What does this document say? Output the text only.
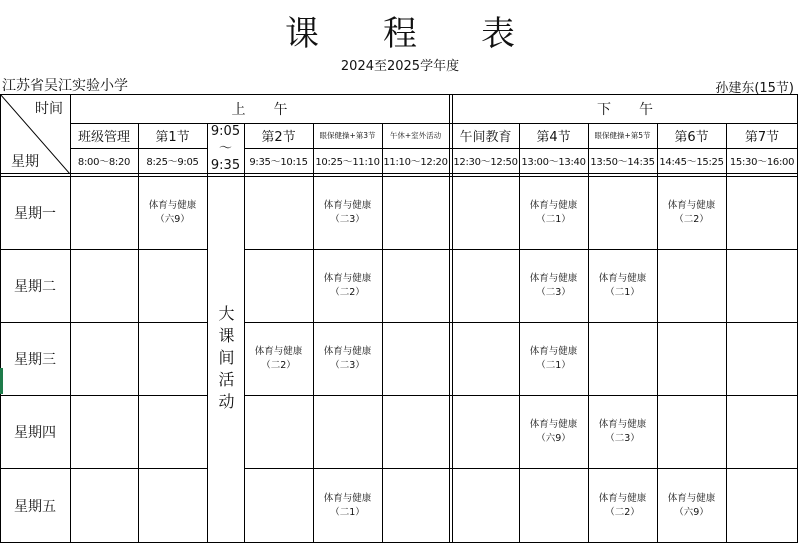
课程表
2024至2025学年度
江苏省吴江实验小学	孙建东(15节)
时间
星期
上　　午	下　　午
班级管理
8:00～8:20
第1节
8:25～9:05
9:05
～
9:35
第2节
9:35～10:15
眼保健操+第3节
10:25～11:10
午休+室外活动
11:10～12:20
午间教育
12:30～12:50
第4节
13:00～13:40
眼保健操+第5节
13:50～14:35
第6节
14:45～15:25
第7节
15:30～16:00
大课间活动
星期一
体育与健康
（六9）
体育与健康
（二3）
体育与健康
（二1）
体育与健康
（二2）
星期二
体育与健康
（二2）
体育与健康
（二3）
体育与健康
（二1）
星期三
体育与健康
（二2）
体育与健康
（二3）
体育与健康
（二1）
星期四
体育与健康
（六9）
体育与健康
（二3）
星期五
体育与健康
（二1）
体育与健康
（二2）
体育与健康
（六9）
